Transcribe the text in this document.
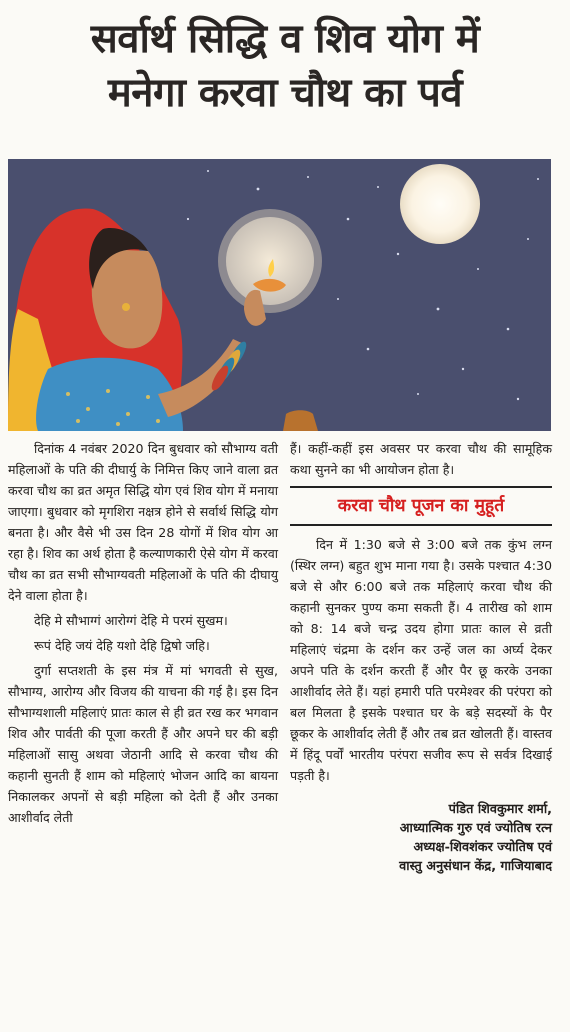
सर्वार्थ सिद्धि व शिव योग में
मनेगा करवा चौथ का पर्व

दिनांक 4 नवंबर 2020 दिन बुधवार को सौभाग्य वती महिलाओं के पति की दीघार्यु के निमित्त किए जाने वाला व्रत करवा चौथ का व्रत अमृत सिद्धि योग एवं शिव योग में मनाया जाएगा। बुधवार को मृगशिरा नक्षत्र होने से सर्वार्थ सिद्धि योग बनता है। और वैसे भी उस दिन 28 योगों में शिव योग आ रहा है। शिव का अर्थ होता है कल्याणकारी ऐसे योग में करवा चौथ का व्रत सभी सौभाग्यवती महिलाओं के पति की दीघायु देने वाला होता है।

देहि मे सौभाग्गं आरोग्गं देहि मे परमं सुखम।

रूपं देहि जयं देहि यशो देहि द्विषो जहि।

दुर्गा सप्तशती के इस मंत्र में मां भगवती से सुख, सौभाग्य, आरोग्य और विजय की याचना की गई है। इस दिन सौभाग्यशाली महिलाएं प्रातः काल से ही व्रत रख कर भगवान शिव और पार्वती की पूजा करती हैं और अपने घर की बड़ी महिलाओं सासु अथवा जेठानी आदि से करवा चौथ की कहानी सुनती हैं शाम को महिलाएं भोजन आदि का बायना निकालकर अपनों से बड़ी महिला को देती हैं और उनका आशीर्वाद लेती

हैं। कहीं-कहीं इस अवसर पर करवा चौथ की सामूहिक कथा सुनने का भी आयोजन होता है।

करवा चौथ पूजन का मुहूर्त

दिन में 1:30 बजे से 3:00 बजे तक कुंभ लग्न (स्थिर लग्न) बहुत शुभ माना गया है। उसके पश्चात 4:30 बजे से और 6:00 बजे तक महिलाएं करवा चौथ की कहानी सुनकर पुण्य कमा सकती हैं। 4 तारीख को शाम को 8: 14 बजे चन्द्र उदय होगा प्रातः काल से व्रती महिलाएं चंद्रमा के दर्शन कर उन्हें जल का अर्घ्य देकर अपने पति के दर्शन करती हैं और पैर छू करके उनका आशीर्वाद लेते हैं। यहां हमारी पति परमेश्वर की परंपरा को बल मिलता है इसके पश्चात घर के बड़े सदस्यों के पैर छूकर के आशीर्वाद लेती हैं और तब व्रत खोलती हैं। वास्तव में हिंदू पर्वों भारतीय परंपरा सजीव रूप से सर्वत्र दिखाई पड़ती है।

पंडित शिवकुमार शर्मा,
आध्यात्मिक गुरु एवं ज्योतिष रत्न
अध्यक्ष-शिवशंकर ज्योतिष एवं
वास्तु अनुसंधान केंद्र, गाजियाबाद
